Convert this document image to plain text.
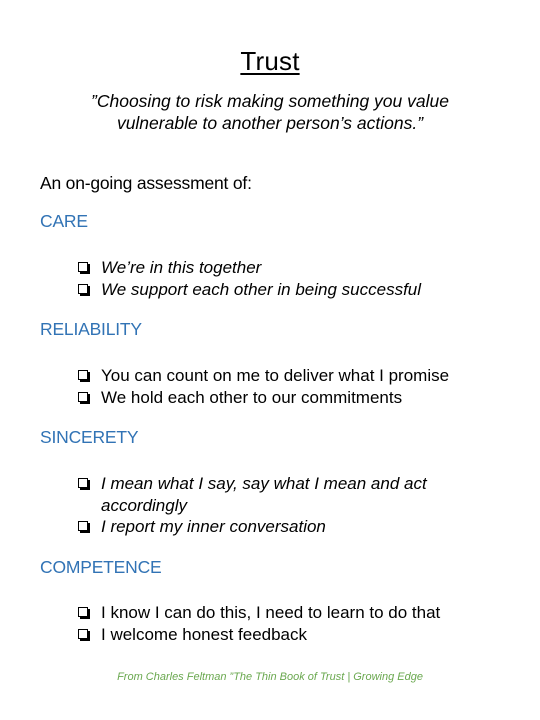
Trust
”Choosing to risk making something you value
vulnerable to another person’s actions.”
An on-going assessment of:
CARE
We’re in this together
We support each other in being successful
RELIABILITY
You can count on me to deliver what I promise
We hold each other to our commitments
SINCERETY
I mean what I say, say what I mean and act accordingly
I report my inner conversation
COMPETENCE
I know I can do this, I need to learn to do that
I welcome honest feedback
From Charles Feltman ”The Thin Book of Trust | Growing Edge
